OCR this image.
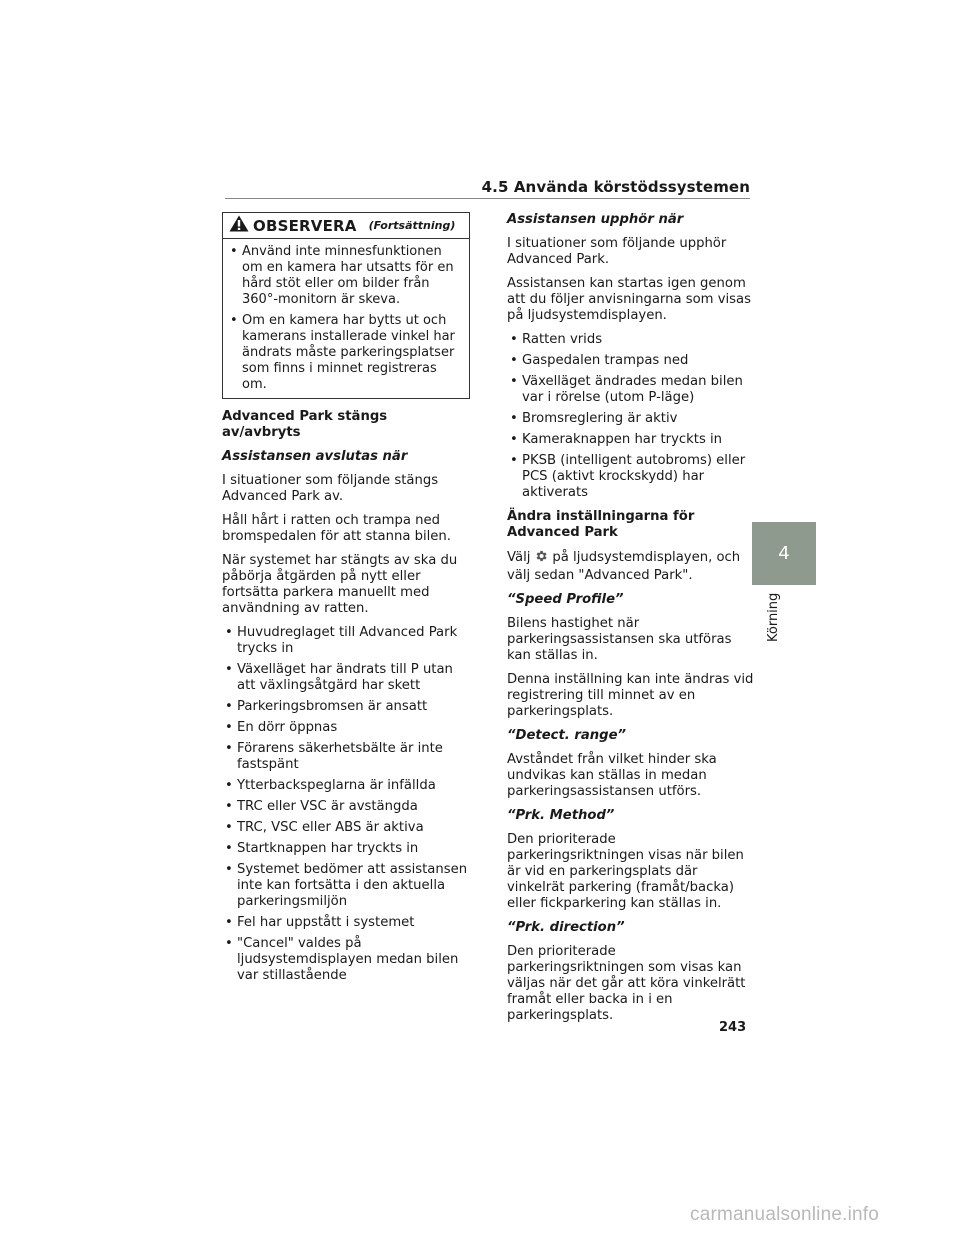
4.5 Använda körstödssystemen
OBSERVERA (Fortsättning)
• Använd inte minnesfunktionen om en kamera har utsatts för en hård stöt eller om bilder från 360°-monitorn är skeva.
• Om en kamera har bytts ut och kamerans installerade vinkel har ändrats måste parkeringsplatser som finns i minnet registreras om.
Advanced Park stängs av/avbryts
Assistansen avslutas när

I situationer som följande stängs Advanced Park av.

Håll hårt i ratten och trampa ned bromspedalen för att stanna bilen.

När systemet har stängts av ska du påbörja åtgärden på nytt eller fortsätta parkera manuellt med användning av ratten.

• Huvudreglaget till Advanced Park trycks in
• Växelläget har ändrats till P utan att växlingsåtgärd har skett
• Parkeringsbromsen är ansatt
• En dörr öppnas
• Förarens säkerhetsbälte är inte fastspänt
• Ytterbackspeglarna är infällda
• TRC eller VSC är avstängda
• TRC, VSC eller ABS är aktiva
• Startknappen har tryckts in
• Systemet bedömer att assistansen inte kan fortsätta i den aktuella parkeringsmiljön
• Fel har uppstått i systemet
• "Cancel" valdes på ljudsystemdisplayen medan bilen var stillastående
Assistansen upphör när

I situationer som följande upphör Advanced Park.

Assistansen kan startas igen genom att du följer anvisningarna som visas på ljudsystemdisplayen.

• Ratten vrids
• Gaspedalen trampas ned
• Växelläget ändrades medan bilen var i rörelse (utom P-läge)
• Bromsreglering är aktiv
• Kameraknappen har tryckts in
• PKSB (intelligent autobroms) eller PCS (aktivt krockskydd) har aktiverats
Ändra inställningarna för Advanced Park

Välj på ljudsystemdisplayen, och välj sedan "Advanced Park".

“Speed Profile”

Bilens hastighet när parkeringsassistansen ska utföras kan ställas in.

Denna inställning kan inte ändras vid registrering till minnet av en parkeringsplats.

“Detect. range”

Avståndet från vilket hinder ska undvikas kan ställas in medan parkeringsassistansen utförs.

“Prk. Method”

Den prioriterade parkeringsriktningen visas när bilen är vid en parkeringsplats där vinkelrät parkering (framåt/backa) eller fickparkering kan ställas in.

“Prk. direction”

Den prioriterade parkeringsriktningen som visas kan väljas när det går att köra vinkelrätt framåt eller backa in i en parkeringsplats.

4
Körning
243
carmanualsonline.info
